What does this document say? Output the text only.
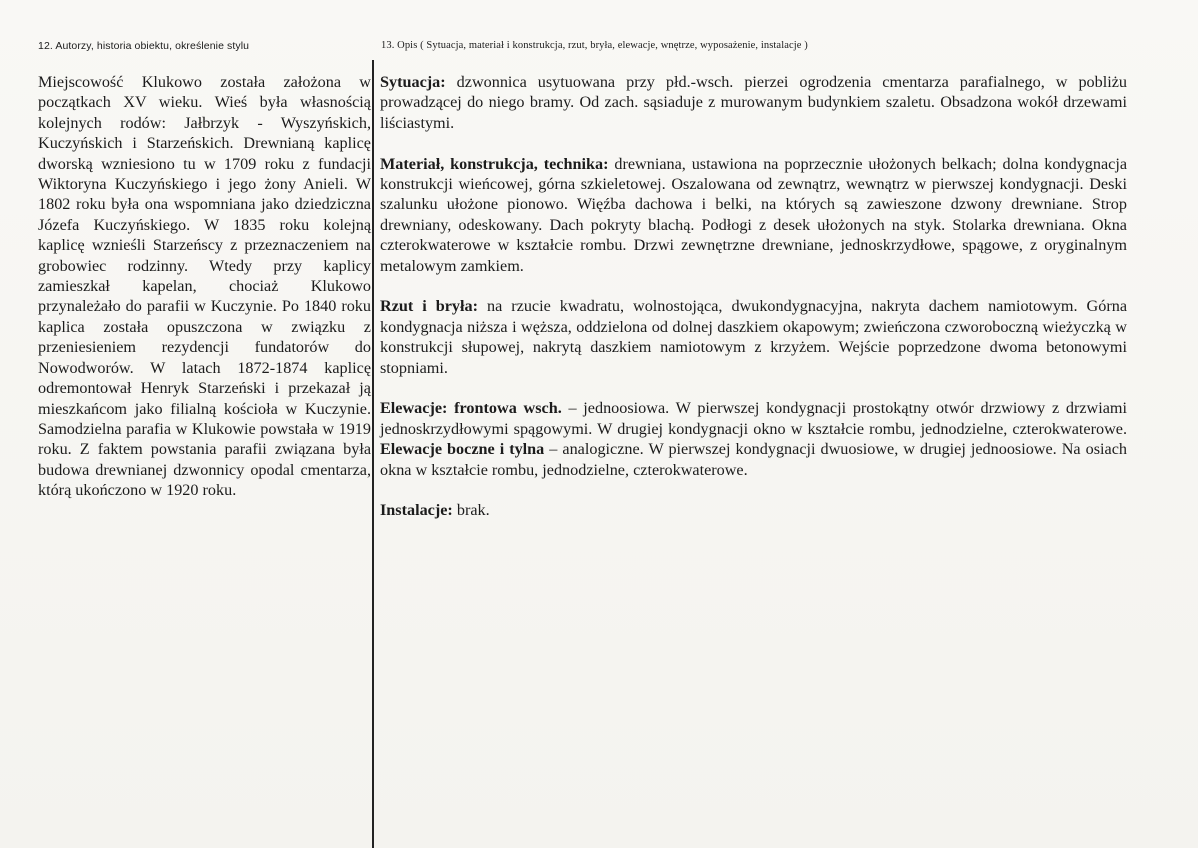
12. Autorzy, historia obiektu, określenie stylu	13. Opis ( Sytuacja, materiał i konstrukcja, rzut, bryła, elewacje, wnętrze, wyposażenie, instalacje )

Miejscowość Klukowo została założona w początkach XV wieku. Wieś była własnością kolejnych rodów: Jałbrzyk - Wyszyńskich, Kuczyńskich i Starzeńskich. Drewnianą kaplicę dworską wzniesiono tu w 1709 roku z fundacji Wiktoryna Kuczyńskiego i jego żony Anieli. W 1802 roku była ona wspomniana jako dziedziczna Józefa Kuczyńskiego. W 1835 roku kolejną kaplicę wznieśli Starzeńscy z przeznaczeniem na grobowiec rodzinny. Wtedy przy kaplicy zamieszkał kapelan, chociaż Klukowo przynależało do parafii w Kuczynie. Po 1840 roku kaplica została opuszczona w związku z przeniesieniem rezydencji fundatorów do Nowodworów. W latach 1872-1874 kaplicę odremontował Henryk Starzeński i przekazał ją mieszkańcom jako filialną kościoła w Kuczynie. Samodzielna parafia w Klukowie powstała w 1919 roku. Z faktem powstania parafii związana była budowa drewnianej dzwonnicy opodal cmentarza, którą ukończono w 1920 roku.

Sytuacja: dzwonnica usytuowana przy płd.-wsch. pierzei ogrodzenia cmentarza parafialnego, w pobliżu prowadzącej do niego bramy. Od zach. sąsiaduje z murowanym budynkiem szaletu. Obsadzona wokół drzewami liściastymi.

Materiał, konstrukcja, technika: drewniana, ustawiona na poprzecznie ułożonych belkach; dolna kondygnacja konstrukcji wieńcowej, górna szkieletowej. Oszalowana od zewnątrz, wewnątrz w pierwszej kondygnacji. Deski szalunku ułożone pionowo. Więźba dachowa i belki, na których są zawieszone dzwony drewniane. Strop drewniany, odeskowany. Dach pokryty blachą. Podłogi z desek ułożonych na styk. Stolarka drewniana. Okna czterokwaterowe w kształcie rombu. Drzwi zewnętrzne drewniane, jednoskrzydłowe, spągowe, z oryginalnym metalowym zamkiem.

Rzut i bryła: na rzucie kwadratu, wolnostojąca, dwukondygnacyjna, nakryta dachem namiotowym. Górna kondygnacja niższa i węższa, oddzielona od dolnej daszkiem okapowym; zwieńczona czworoboczną wieżyczką w konstrukcji słupowej, nakrytą daszkiem namiotowym z krzyżem. Wejście poprzedzone dwoma betonowymi stopniami.

Elewacje: frontowa wsch. – jednoosiowa. W pierwszej kondygnacji prostokątny otwór drzwiowy z drzwiami jednoskrzydłowymi spągowymi. W drugiej kondygnacji okno w kształcie rombu, jednodzielne, czterokwaterowe. Elewacje boczne i tylna – analogiczne. W pierwszej kondygnacji dwuosiowe, w drugiej jednoosiowe. Na osiach okna w kształcie rombu, jednodzielne, czterokwaterowe.

Instalacje: brak.
